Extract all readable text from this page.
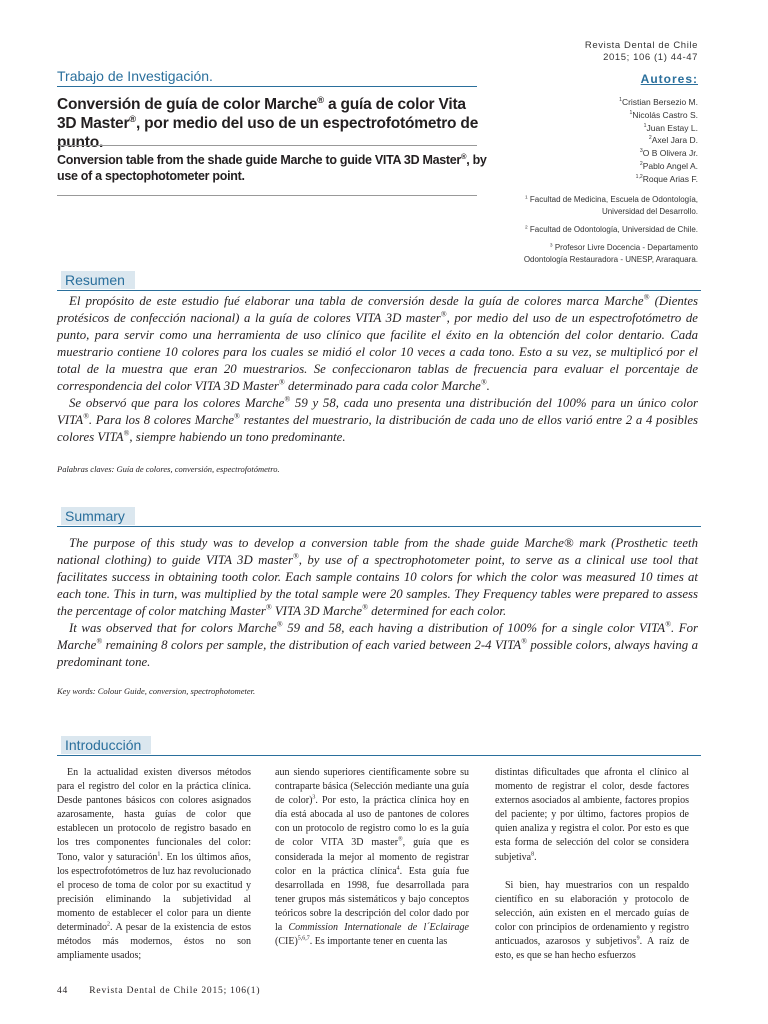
Revista Dental de Chile
2015; 106 (1) 44-47
Autores:
$^1$Cristian Bersezio M.
$^1$Nicolás Castro S.
$^1$Juan Estay L.
$^2$Axel Jara D.
$^3$O B Olivera Jr.
$^2$Pablo Angel A.
$^{1,2}$Roque Arias F.
$^1$ Facultad de Medicina, Escuela de Odontología,
Universidad del Desarrollo.
$^2$ Facultad de Odontología, Universidad de Chile.
$^3$ Profesor Livre Docencia - Departamento
Odontología Restauradora - UNESP, Araraquara.
Trabajo de Investigación.
Conversión de guía de color Marche® a guía de color Vita 3D Master®, por medio del uso de un espectrofotómetro de punto.
Conversion table from the shade guide Marche to guide VITA 3D Master®, by use of a spectophotometer point.
Resumen

El propósito de este estudio fué elaborar una tabla de conversión desde la guía de colores marca Marche® (Dientes protésicos de confección nacional) a la guía de colores VITA 3D master®, por medio del uso de un espectrofotómetro de punto, para servir como una herramienta de uso clínico que facilite el éxito en la obtención del color dentario. Cada muestrario contiene 10 colores para los cuales se midió el color 10 veces a cada tono. Esto a su vez, se multiplicó por el total de la muestra que eran 20 muestrarios. Se confeccionaron tablas de frecuencia para evaluar el porcentaje de correspondencia del color VITA 3D Master® determinado para cada color Marche®.

Se observó que para los colores Marche® 59 y 58, cada uno presenta una distribución del 100% para un único color VITA®. Para los 8 colores Marche® restantes del muestrario, la distribución de cada uno de ellos varió entre 2 a 4 posibles colores VITA®, siempre habiendo un tono predominante.

Palabras claves: Guía de colores, conversión, espectrofotómetro.
Summary

The purpose of this study was to develop a conversion table from the shade guide Marche® mark (Prosthetic teeth national clothing) to guide VITA 3D master®, by use of a spectrophotometer point, to serve as a clinical use tool that facilitates success in obtaining tooth color. Each sample contains 10 colors for which the color was measured 10 times at each tone. This in turn, was multiplied by the total sample were 20 samples. They Frequency tables were prepared to assess the percentage of color matching Master® VITA 3D Marche® determined for each color.

It was observed that for colors Marche® 59 and 58, each having a distribution of 100% for a single color VITA®. For Marche® remaining 8 colors per sample, the distribution of each varied between 2-4 VITA® possible colors, always having a predominant tone.

Key words: Colour Guide, conversion, spectrophotometer.
Introducción

En la actualidad existen diversos métodos para el registro del color en la práctica clínica. Desde pantones básicos con colores asignados azarosamente, hasta guías de color que establecen un protocolo de registro basado en los tres componentes funcionales del color: Tono, valor y saturación$^1$. En los últimos años, los espectrofotómetros de luz haz revolucionado el proceso de toma de color por su exactitud y precisión eliminando la subjetividad al momento de establecer el color para un diente determinado$^2$. A pesar de la existencia de estos métodos más modernos, éstos no son ampliamente usados;

aun siendo superiores científicamente sobre su contraparte básica (Selección mediante una guía de color)$^3$. Por esto, la práctica clínica hoy en día está abocada al uso de pantones de colores con un protocolo de registro como lo es la guía de color VITA 3D master®, guía que es considerada la mejor al momento de registrar color en la práctica clínica$^4$. Esta guía fue desarrollada en 1998, fue desarrollada para tener grupos más sistemáticos y bajo conceptos teóricos sobre la descripción del color dado por la Commission Internationale de l´Eclairage (CIE)$^{5,6,7}$. Es importante tener en cuenta las

distintas dificultades que afronta el clínico al momento de registrar el color, desde factores externos asociados al ambiente, factores propios del paciente; y por último, factores propios de quien analiza y registra el color. Por esto es que esta forma de selección del color se considera subjetiva$^8$.

Si bien, hay muestrarios con un respaldo científico en su elaboración y protocolo de selección, aún existen en el mercado guías de color con principios de ordenamiento y registro anticuados, azarosos y subjetivos$^9$. A raíz de esto, es que se han hecho esfuerzos

44 Revista Dental de Chile 2015; 106(1)
